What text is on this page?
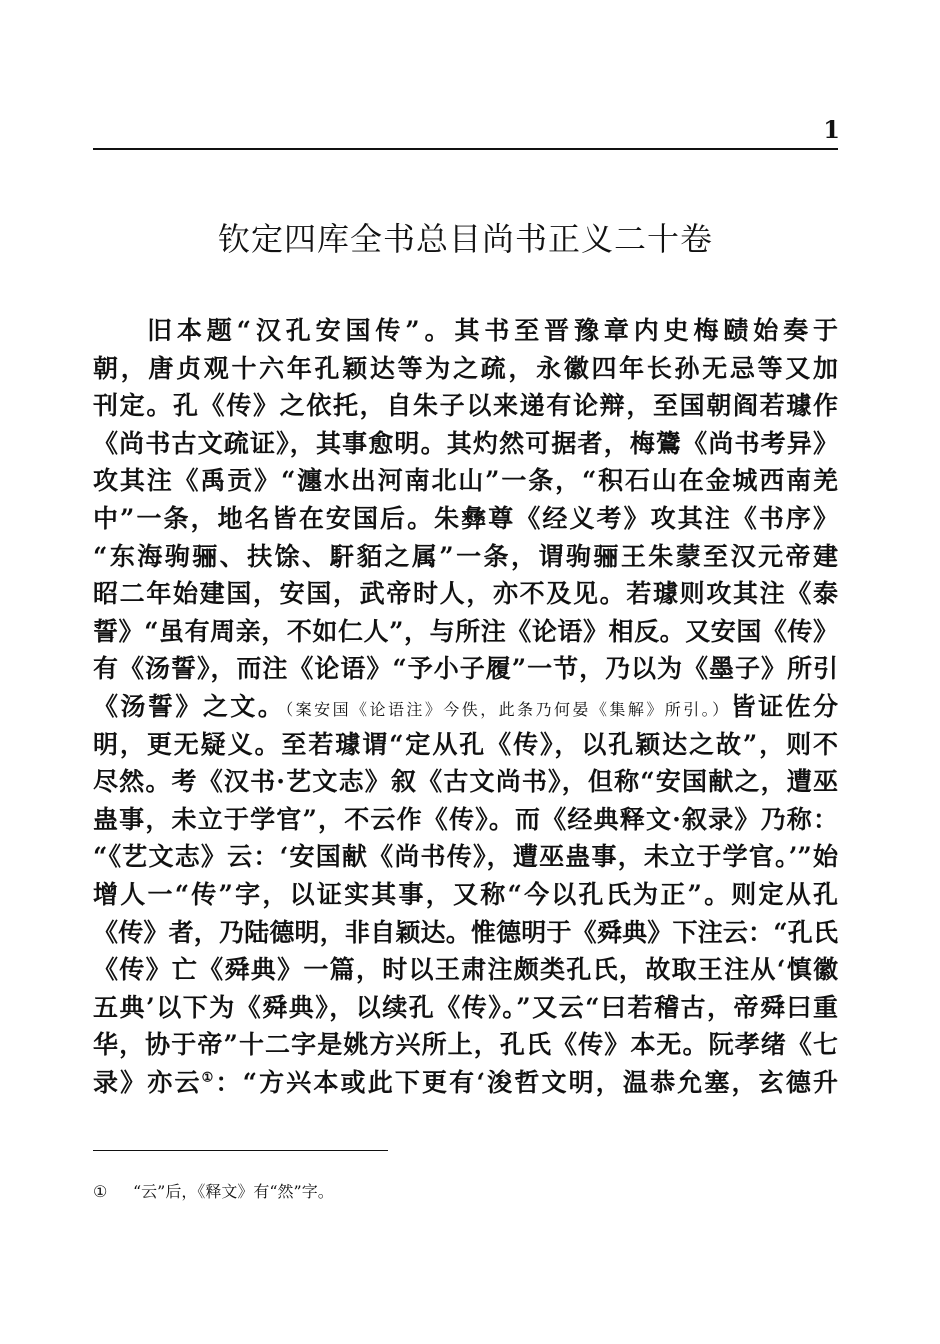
1
钦定四库全书总目尚书正义二十卷
旧本题“汉孔安国传”。其书至晋豫章内史梅赜始奏于
朝，唐贞观十六年孔颖达等为之疏，永徽四年长孙无忌等又加
刊定。孔《传》之依托，自朱子以来递有论辩，至国朝阎若璩作
《尚书古文疏证》，其事愈明。其灼然可据者，梅鷟《尚书考异》
攻其注《禹贡》“瀍水出河南北山”一条，“积石山在金城西南羌
中”一条，地名皆在安国后。朱彝尊《经义考》攻其注《书序》
“东海驹骊、扶馀、馯貊之属”一条，谓驹骊王朱蒙至汉元帝建
昭二年始建国，安国，武帝时人，亦不及见。若璩则攻其注《泰
誓》“虽有周亲，不如仁人”，与所注《论语》相反。又安国《传》
有《汤誓》，而注《论语》“予小子履”一节，乃以为《墨子》所引
《汤誓》之文。（案安国《论语注》今佚，此条乃何晏《集解》所引。）皆证佐分
明，更无疑义。至若璩谓“定从孔《传》，以孔颖达之故”，则不
尽然。考《汉书·艺文志》叙《古文尚书》，但称“安国献之，遭巫
蛊事，未立于学官”，不云作《传》。而《经典释文·叙录》乃称：
“《艺文志》云：‘安国献《尚书传》，遭巫蛊事，未立于学官。’”始
增人一“传”字，以证实其事，又称“今以孔氏为正”。则定从孔
《传》者，乃陆德明，非自颖达。惟德明于《舜典》下注云：“孔氏
《传》亡《舜典》一篇，时以王肃注颇类孔氏，故取王注从‘慎徽
五典’以下为《舜典》，以续孔《传》。”又云“曰若稽古，帝舜曰重
华，协于帝”十二字是姚方兴所上，孔氏《传》本无。阮孝绪《七
录》亦云①：“方兴本或此下更有‘浚哲文明，温恭允塞，玄德升
① “云”后，《释文》有“然”字。
